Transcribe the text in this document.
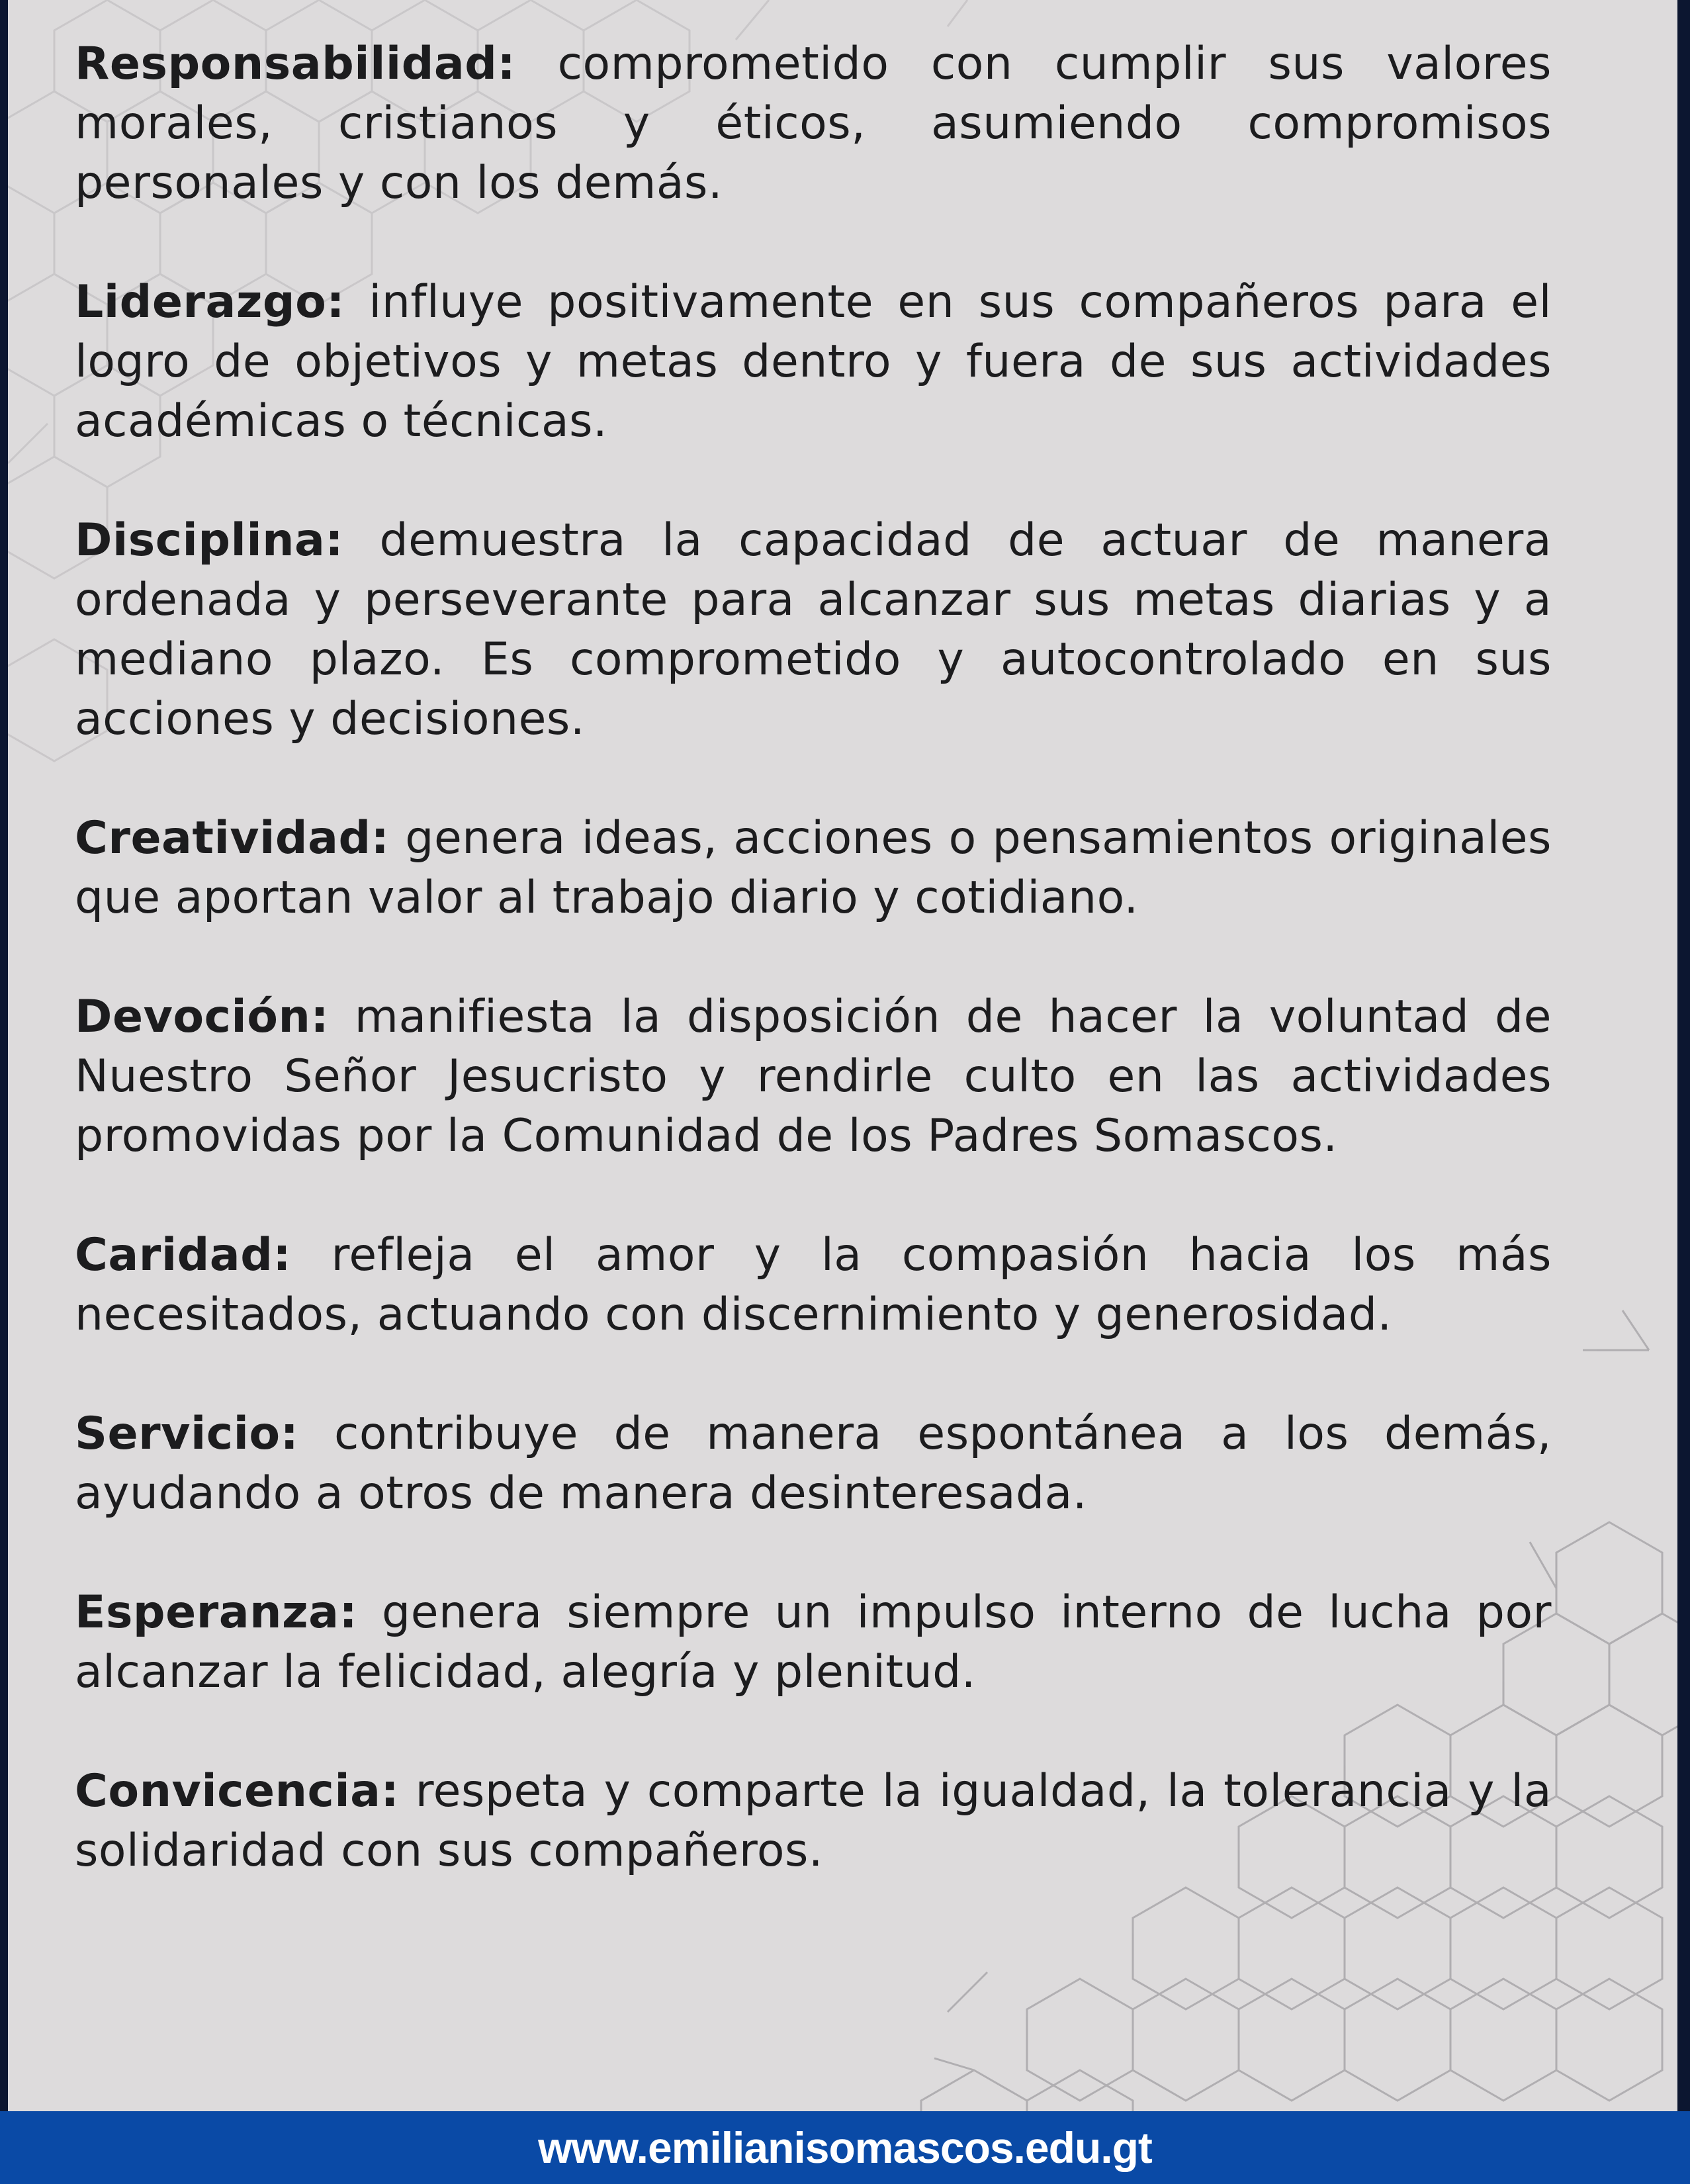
Responsabilidad: comprometido con cumplir sus valores morales, cristianos y éticos, asumiendo compromisos personales y con los demás.

Liderazgo: influye positivamente en sus compañeros para el logro de objetivos y metas dentro y fuera de sus actividades académicas o técnicas.

Disciplina: demuestra la capacidad de actuar de manera ordenada y perseverante para alcanzar sus metas diarias y a mediano plazo. Es comprometido y autocontrolado en sus acciones y decisiones.

Creatividad: genera ideas, acciones o pensamientos originales que aportan valor al trabajo diario y cotidiano.

Devoción: manifiesta la disposición de hacer la voluntad de Nuestro Señor Jesucristo y rendirle culto en las actividades promovidas por la Comunidad de los Padres Somascos.

Caridad: refleja el amor y la compasión hacia los más necesitados, actuando con discernimiento y generosidad.

Servicio: contribuye de manera espontánea a los demás, ayudando a otros de manera desinteresada.

Esperanza: genera siempre un impulso interno de lucha por alcanzar la felicidad, alegría y plenitud.

Convicencia: respeta y comparte la igualdad, la tolerancia y la solidaridad con sus compañeros.

www.emilianisomascos.edu.gt
